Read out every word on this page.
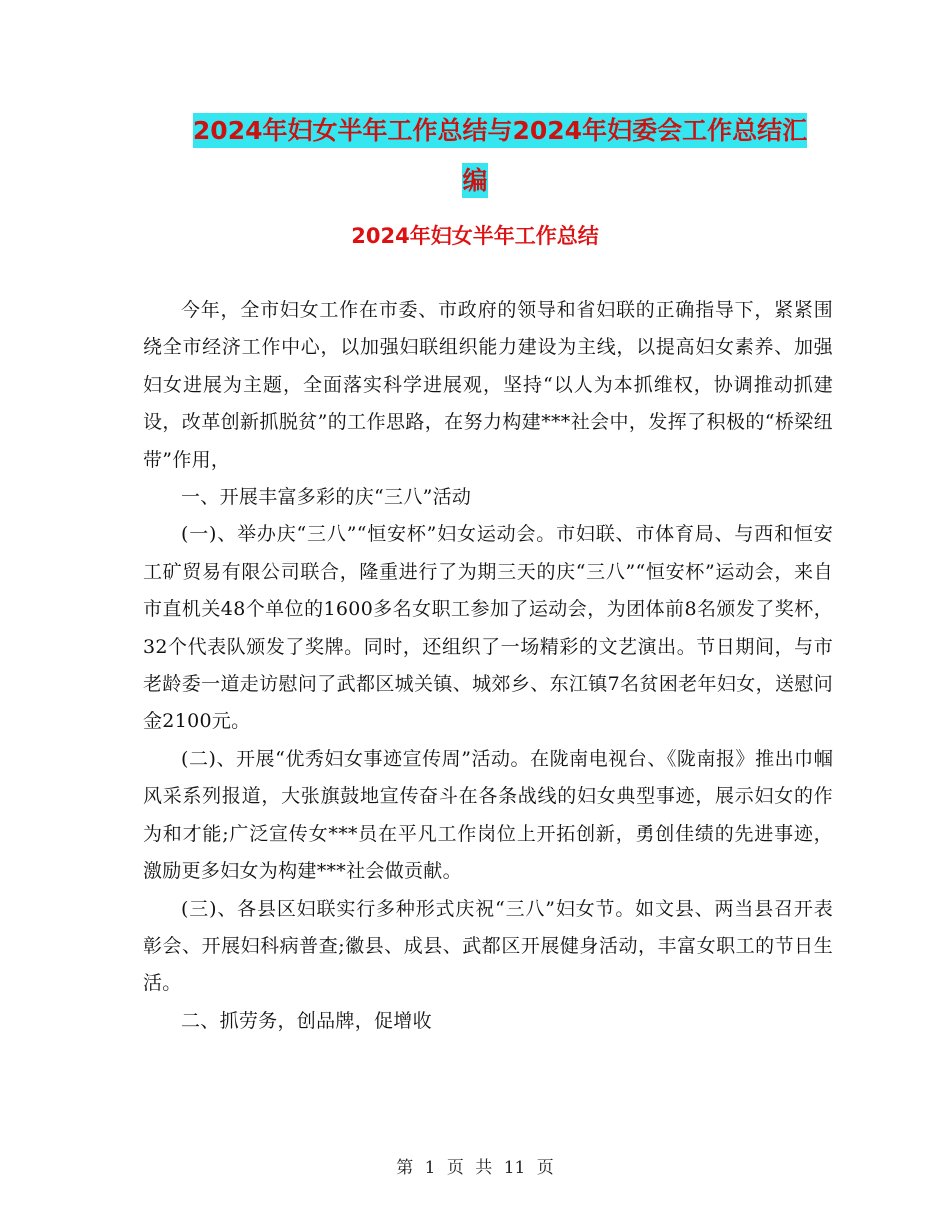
2024年妇女半年工作总结与2024年妇委会工作总结汇
编
2024年妇女半年工作总结

今年，全市妇女工作在市委、市政府的领导和省妇联的正确指导下，紧紧围绕全市经济工作中心，以加强妇联组织能力建设为主线，以提高妇女素养、加强妇女进展为主题，全面落实科学进展观，坚持“以人为本抓维权，协调推动抓建设，改革创新抓脱贫”的工作思路，在努力构建***社会中，发挥了积极的“桥梁纽带”作用，

一、开展丰富多彩的庆“三八”活动

(一)、举办庆“三八”“恒安杯”妇女运动会。市妇联、市体育局、与西和恒安工矿贸易有限公司联合，隆重进行了为期三天的庆“三八”“恒安杯”运动会，来自市直机关48个单位的1600多名女职工参加了运动会，为团体前8名颁发了奖杯， 32个代表队颁发了奖牌。同时，还组织了一场精彩的文艺演出。节日期间，与市老龄委一道走访慰问了武都区城关镇、城郊乡、东江镇7名贫困老年妇女，送慰问金2100元。

(二)、开展“优秀妇女事迹宣传周”活动。在陇南电视台、《陇南报》推出巾帼风采系列报道，大张旗鼓地宣传奋斗在各条战线的妇女典型事迹，展示妇女的作为和才能;广泛宣传女***员在平凡工作岗位上开拓创新，勇创佳绩的先进事迹，激励更多妇女为构建***社会做贡献。

(三)、各县区妇联实行多种形式庆祝“三八”妇女节。如文县、两当县召开表彰会、开展妇科病普查;徽县、成县、武都区开展健身活动，丰富女职工的节日生活。

二、抓劳务，创品牌，促增收

第 1 页 共 11 页
